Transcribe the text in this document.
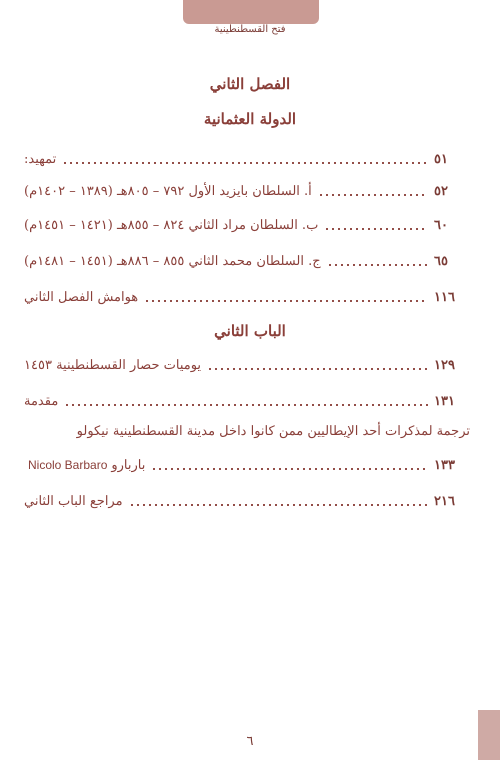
فتح القسطنطينية
الفصل الثاني
الدولة العثمانية
تمهيد:	٥١
أ. السلطان بايزيد الأول ٧٩٢ – ٨٠٥هـ (١٣٨٩ – ١٤٠٢م)	٥٢
ب. السلطان مراد الثاني ٨٢٤ – ٨٥٥هـ (١٤٢١ – ١٤٥١م)	٦٠
ج. السلطان محمد الثاني ٨٥٥ – ٨٨٦هـ (١٤٥١ – ١٤٨١م)	٦٥
هوامش الفصل الثاني	١١٦
الباب الثاني
يوميات حصار القسطنطينية ١٤٥٣	١٢٩
مقدمة	١٣١
ترجمة لمذكرات أحد الإيطاليين ممن كانوا داخل مدينة القسطنطينية نيكولو
بارباروNicolo Barbaro	١٣٣
مراجع الباب الثاني	٢١٦
٦
